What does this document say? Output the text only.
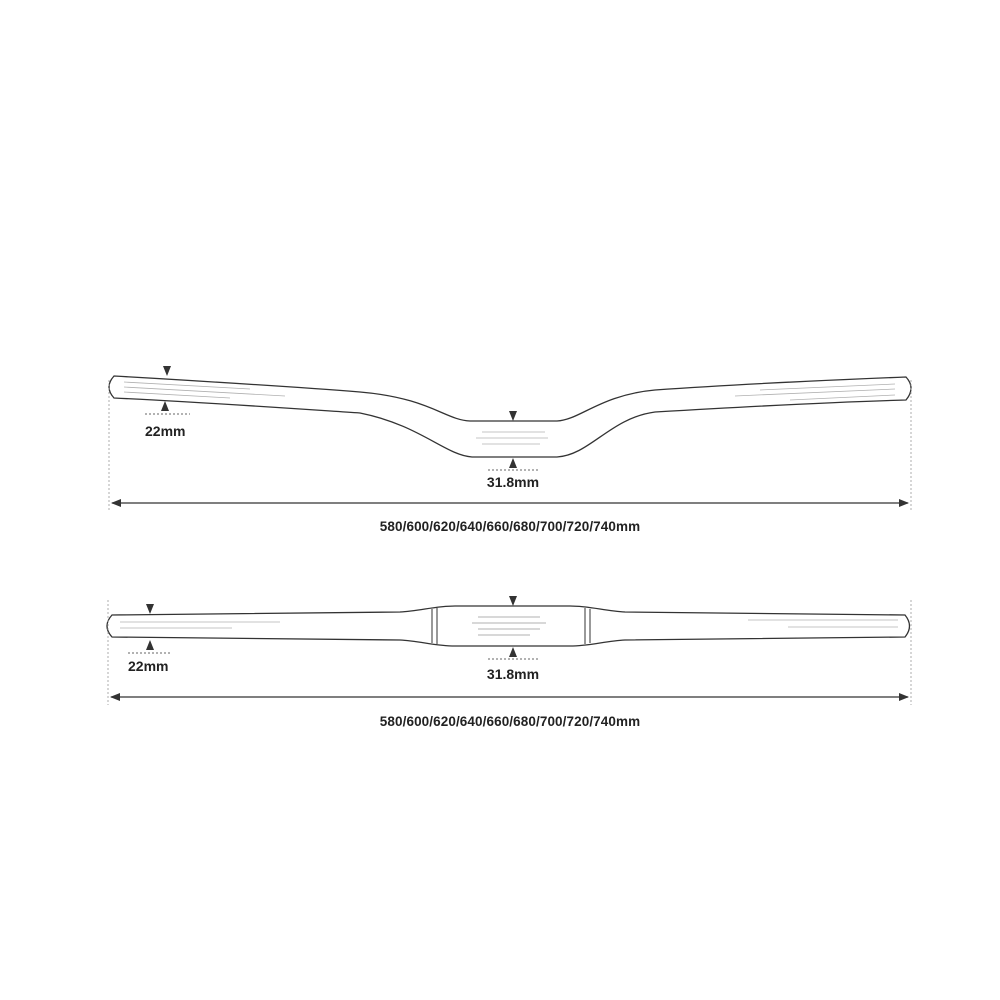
22mm
31.8mm
580/600/620/640/660/680/700/720/740mm
22mm	31.8mm
580/600/620/640/660/680/700/720/740mm
